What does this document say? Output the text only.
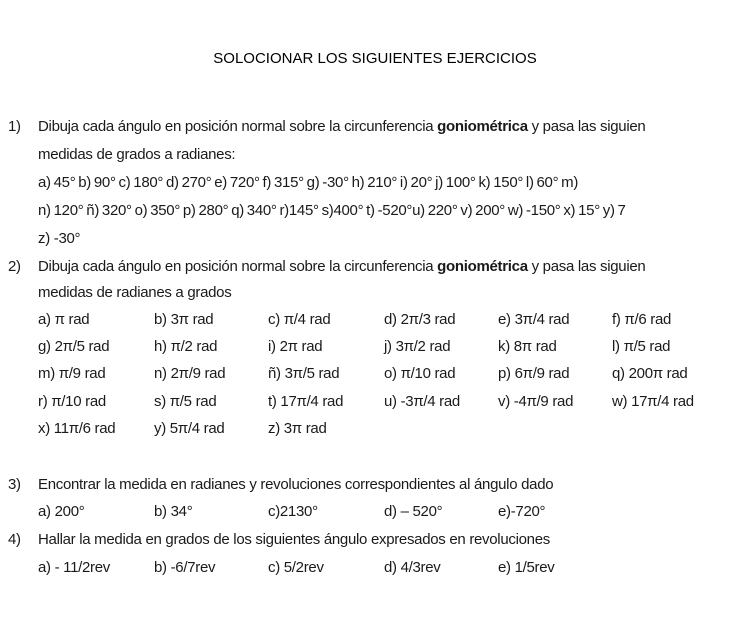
SOLOCIONAR LOS SIGUIENTES EJERCICIOS
1) Dibuja cada ángulo en posición normal sobre la circunferencia goniométrica y pasa las siguien
medidas de grados a radianes:
a) 45° b) 90° c) 180° d) 270° e) 720° f) 315° g) -30° h) 210° i) 20° j) 100° k) 150° l) 60° m)
n) 120° ñ) 320° o) 350° p) 280° q) 340° r)145° s)400° t) -520°u) 220° v) 200° w) -150° x) 15° y) 7
z) -30°
2) Dibuja cada ángulo en posición normal sobre la circunferencia goniométrica y pasa las siguien
medidas de radianes a grados
a) π rad	b) 3π rad	c) π/4 rad	d) 2π/3 rad	e) 3π/4 rad	f) π/6 rad
g) 2π/5 rad	h) π/2 rad	i) 2π rad	j) 3π/2 rad	k) 8π rad	l) π/5 rad
m) π/9 rad	n) 2π/9 rad	ñ) 3π/5 rad	o) π/10 rad	p) 6π/9 rad	q) 200π rad
r) π/10 rad	s) π/5 rad	t) 17π/4 rad	u) -3π/4 rad	v) -4π/9 rad	w) 17π/4 rad
x) 11π/6 rad	y) 5π/4 rad	z) 3π rad
3) Encontrar la medida en radianes y revoluciones correspondientes al ángulo dado
a) 200°	b) 34°	c)2130°	d) – 520°	e)-720°
4) Hallar la medida en grados de los siguientes ángulo expresados en revoluciones
a) - 11/2rev	b) -6/7rev	c) 5/2rev	d) 4/3rev	e) 1/5rev
